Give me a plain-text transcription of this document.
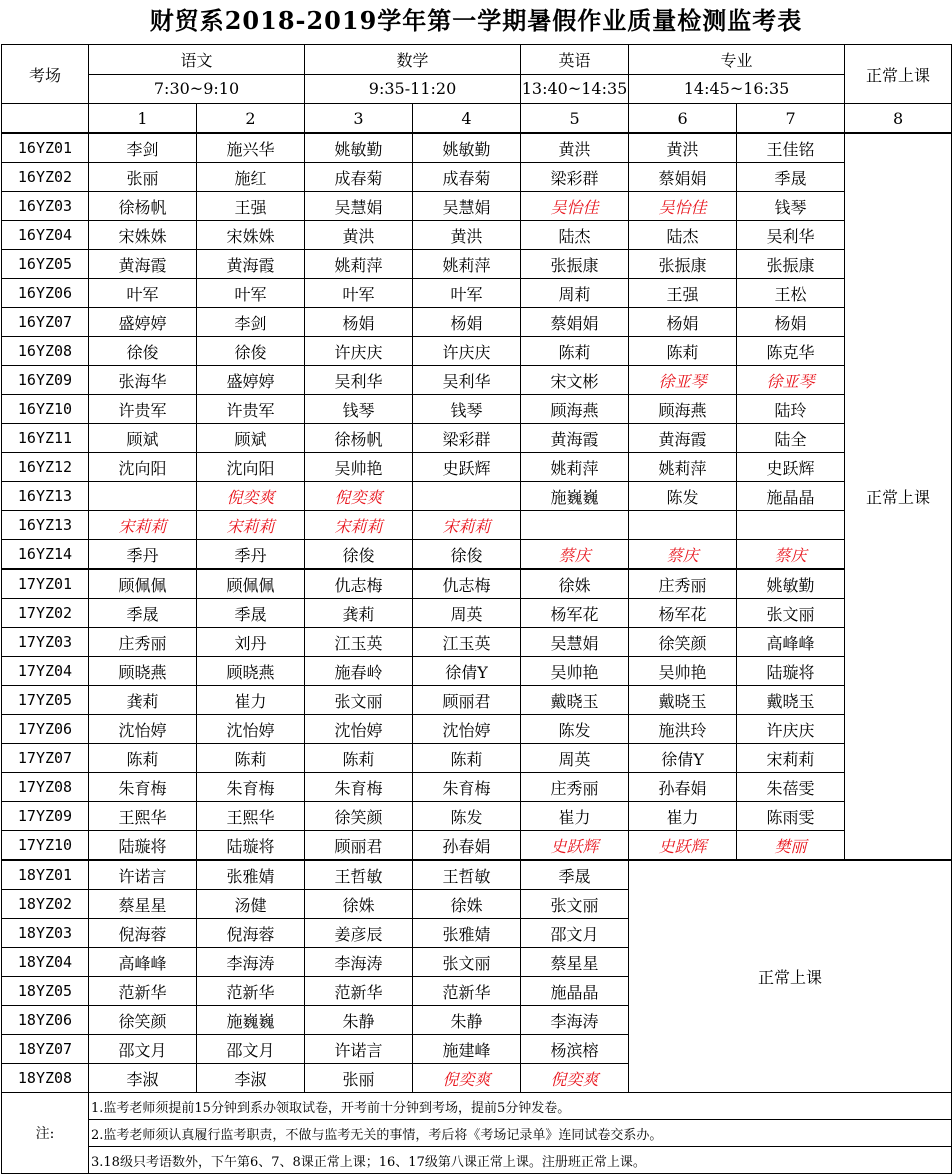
财贸系2018-2019学年第一学期暑假作业质量检测监考表
考场	语文		数学		英语	专业		正常上课
	7:30~9:10		9:35-11:20		13:40~14:35	14:45~16:35		
	1	2	3	4	5	6	7	8
16YZ01	李剑	施兴华	姚敏勤	姚敏勤	黄洪	黄洪	王佳铭	正常上课
16YZ02	张丽	施红	成春菊	成春菊	梁彩群	蔡娟娟	季晟	
16YZ03	徐杨帆	王强	吴慧娟	吴慧娟	吴怡佳	吴怡佳	钱琴	
16YZ04	宋姝姝	宋姝姝	黄洪	黄洪	陆杰	陆杰	吴利华	
16YZ05	黄海霞	黄海霞	姚莉萍	姚莉萍	张振康	张振康	张振康	
16YZ06	叶军	叶军	叶军	叶军	周莉	王强	王松	
16YZ07	盛婷婷	李剑	杨娟	杨娟	蔡娟娟	杨娟	杨娟	
16YZ08	徐俊	徐俊	许庆庆	许庆庆	陈莉	陈莉	陈克华	
16YZ09	张海华	盛婷婷	吴利华	吴利华	宋文彬	徐亚琴	徐亚琴	
16YZ10	许贵军	许贵军	钱琴	钱琴	顾海燕	顾海燕	陆玲	
16YZ11	顾斌	顾斌	徐杨帆	梁彩群	黄海霞	黄海霞	陆全	
16YZ12	沈向阳	沈向阳	吴帅艳	史跃辉	姚莉萍	姚莉萍	史跃辉	
16YZ13		倪奕爽	倪奕爽		施巍巍	陈发	施晶晶	
16YZ13	宋莉莉	宋莉莉	宋莉莉	宋莉莉				
16YZ14	季丹	季丹	徐俊	徐俊	蔡庆	蔡庆	蔡庆	
17YZ01	顾佩佩	顾佩佩	仇志梅	仇志梅	徐姝	庄秀丽	姚敏勤	
17YZ02	季晟	季晟	龚莉	周英	杨军花	杨军花	张文丽	
17YZ03	庄秀丽	刘丹	江玉英	江玉英	吴慧娟	徐笑颜	高峰峰	
17YZ04	顾晓燕	顾晓燕	施春岭	徐倩Y	吴帅艳	吴帅艳	陆璇将	
17YZ05	龚莉	崔力	张文丽	顾丽君	戴晓玉	戴晓玉	戴晓玉	
17YZ06	沈怡婷	沈怡婷	沈怡婷	沈怡婷	陈发	施洪玲	许庆庆	
17YZ07	陈莉	陈莉	陈莉	陈莉	周英	徐倩Y	宋莉莉	
17YZ08	朱育梅	朱育梅	朱育梅	朱育梅	庄秀丽	孙春娟	朱蓓雯	
17YZ09	王熙华	王熙华	徐笑颜	陈发	崔力	崔力	陈雨雯	
17YZ10	陆璇将	陆璇将	顾丽君	孙春娟	史跃辉	史跃辉	樊丽	
18YZ01	许诺言	张雅婧	王哲敏	王哲敏	季晟	正常上课		
18YZ02	蔡星星	汤健	徐姝	徐姝	张文丽			
18YZ03	倪海蓉	倪海蓉	姜彦辰	张雅婧	邵文月			
18YZ04	高峰峰	李海涛	李海涛	张文丽	蔡星星			
18YZ05	范新华	范新华	范新华	范新华	施晶晶			
18YZ06	徐笑颜	施巍巍	朱静	朱静	李海涛			
18YZ07	邵文月	邵文月	许诺言	施建峰	杨滨榕			
18YZ08	李淑	李淑	张丽	倪奕爽	倪奕爽			
注:	1.监考老师须提前15分钟到系办领取试卷，开考前十分钟到考场，提前5分钟发卷。							
	2.监考老师须认真履行监考职责，不做与监考无关的事情，考后将《考场记录单》连同试卷交系办。							
	3.18级只考语数外，下午第6、7、8课正常上课；16、17级第八课正常上课。注册班正常上课。							
